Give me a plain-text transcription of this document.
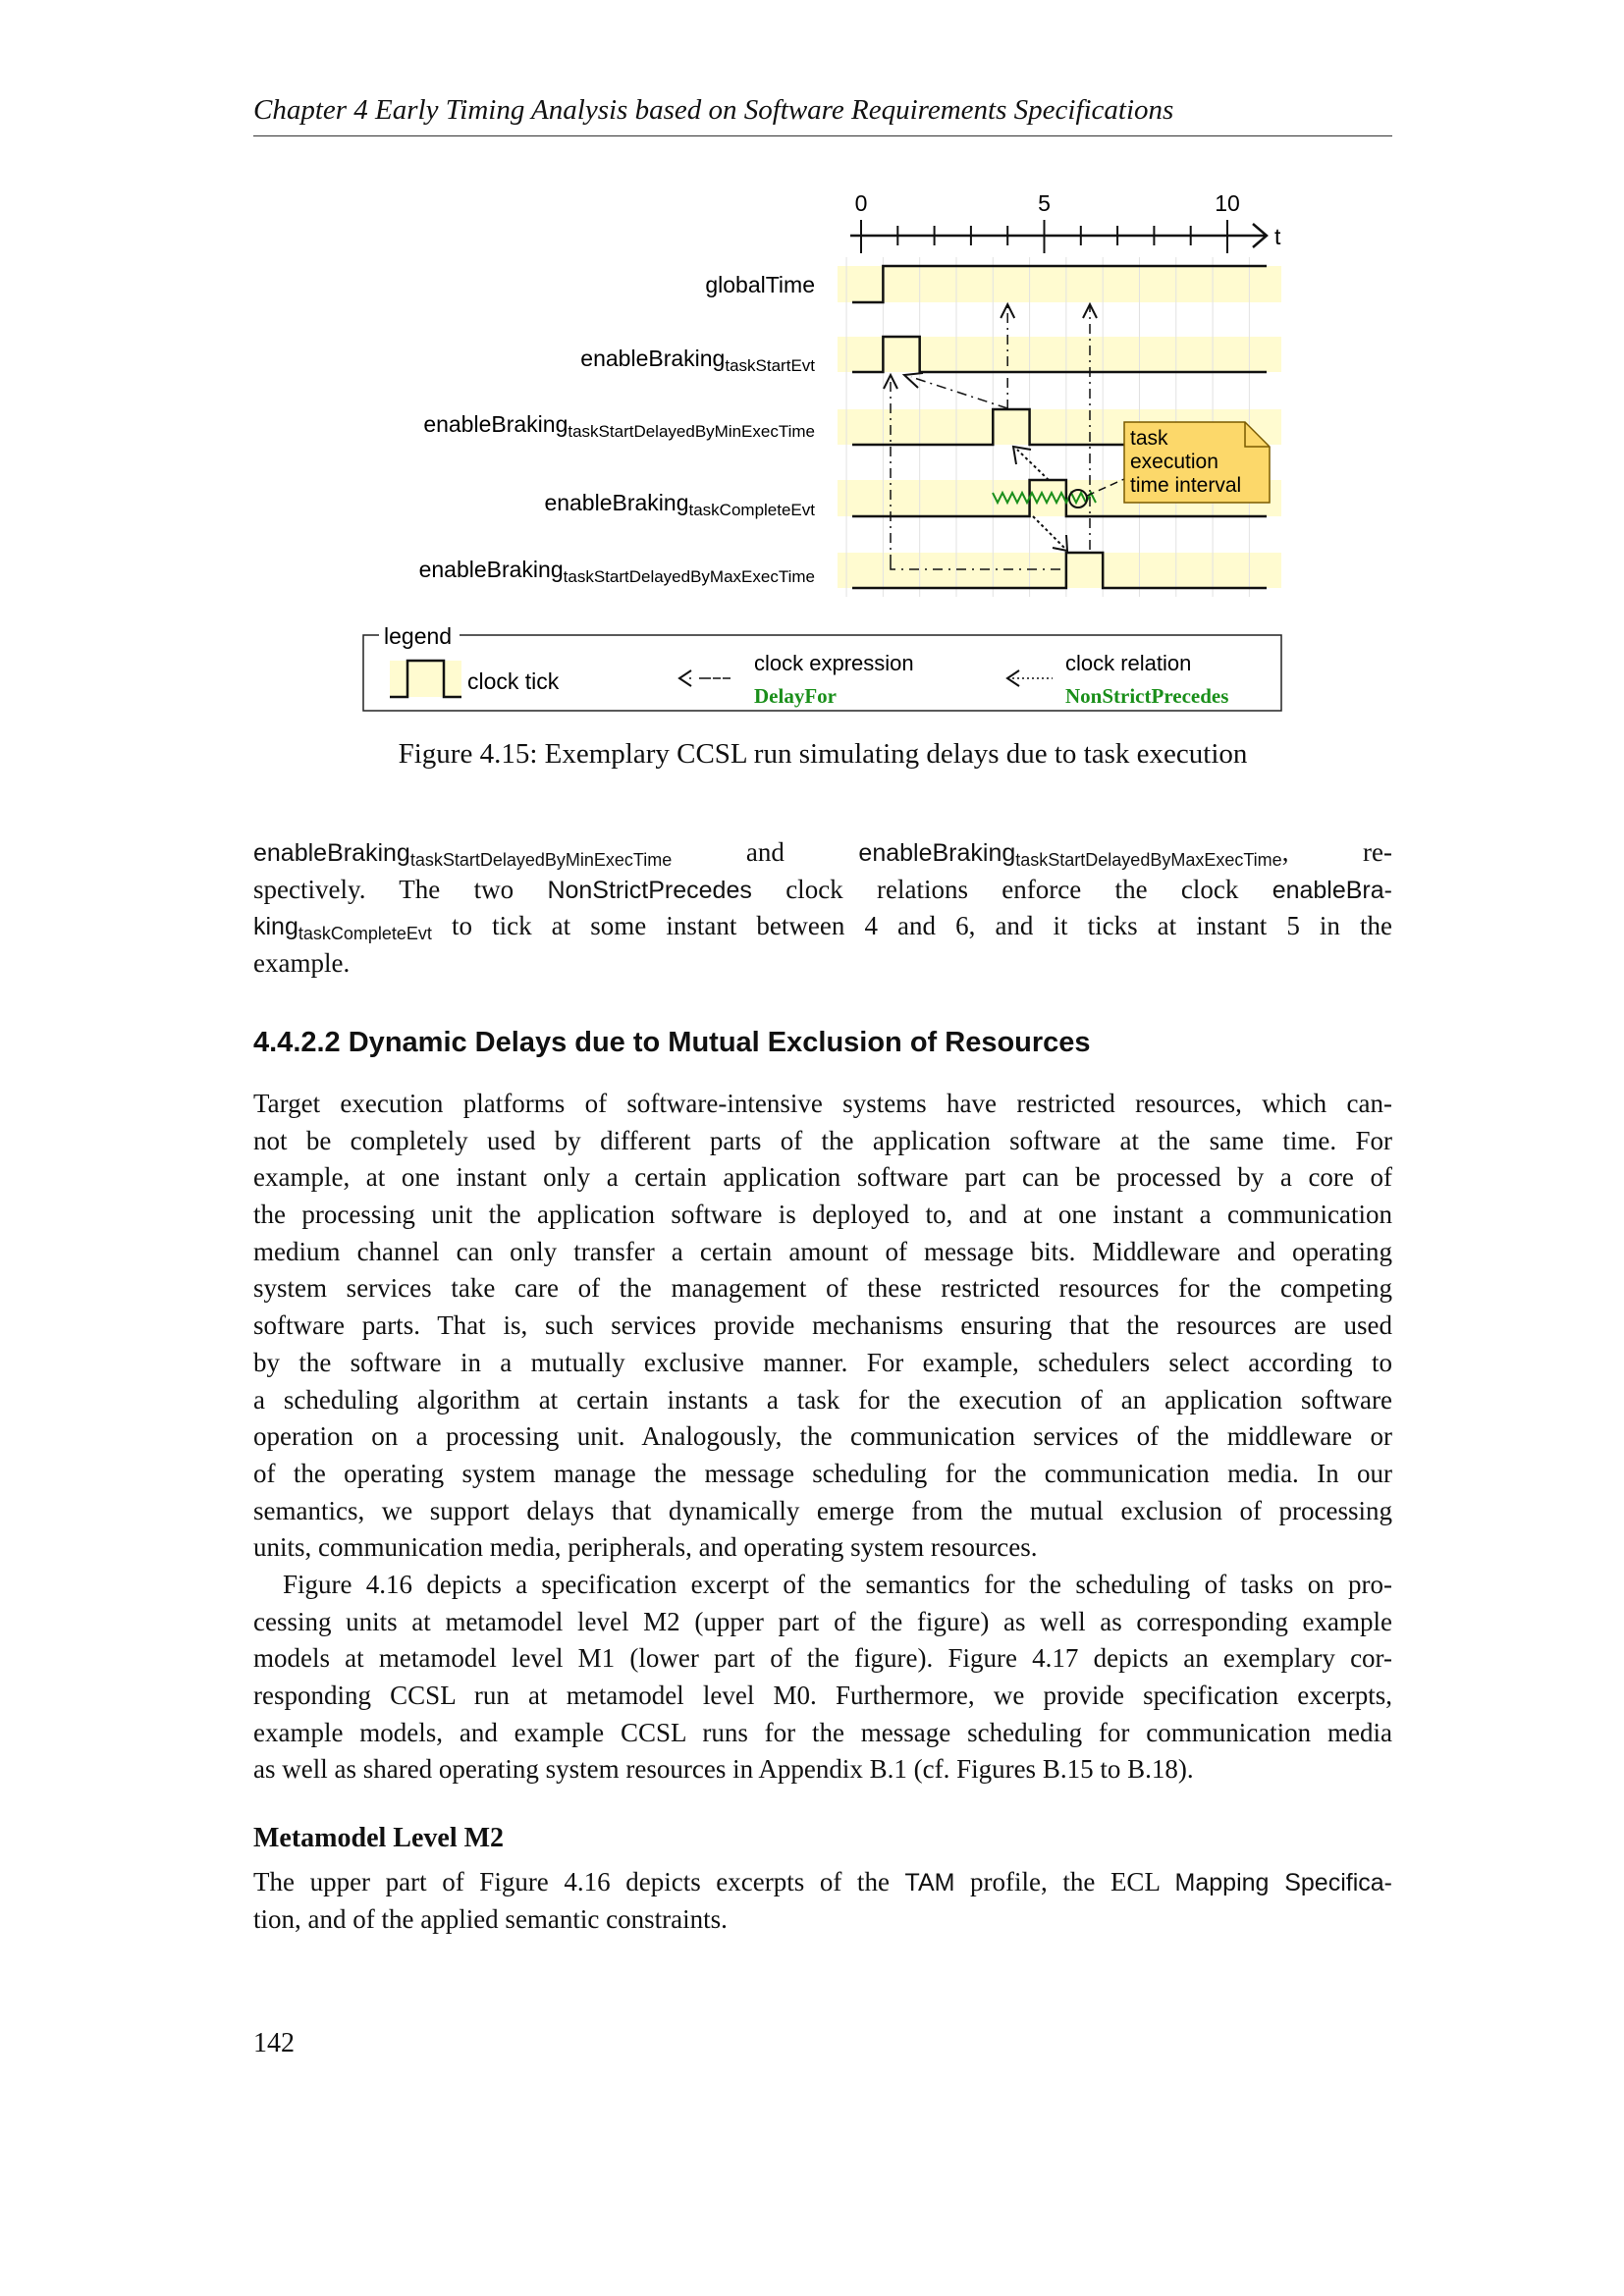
Chapter 4 Early Timing Analysis based on Software Requirements Specifications
t
0	5	10
globalTime
enableBraking$_{taskStartEvt}$
enableBraking$_{taskStartDelayedByMinExecTime}$
enableBraking$_{taskCompleteEvt}$
enableBraking$_{taskStartDelayedByMaxExecTime}$
task
execution
time interval
legend
clock tick
clock expression
DelayFor
clock relation
NonStrictPrecedes
Figure 4.15: Exemplary CCSL run simulating delays due to task execution
enableBraking$_{taskStartDelayedByMinExecTime}$ and enableBraking$_{taskStartDelayedByMaxExecTime}$, re-
spectively. The two NonStrictPrecedes clock relations enforce the clock enableBra-
king$_{taskCompleteEvt}$ to tick at some instant between 4 and 6, and it ticks at instant 5 in the
example.
4.4.2.2 Dynamic Delays due to Mutual Exclusion of Resources
Target execution platforms of software-intensive systems have restricted resources, which can-
not be completely used by different parts of the application software at the same time. For
example, at one instant only a certain application software part can be processed by a core of
the processing unit the application software is deployed to, and at one instant a communication
medium channel can only transfer a certain amount of message bits. Middleware and operating
system services take care of the management of these restricted resources for the competing
software parts. That is, such services provide mechanisms ensuring that the resources are used
by the software in a mutually exclusive manner. For example, schedulers select according to
a scheduling algorithm at certain instants a task for the execution of an application software
operation on a processing unit. Analogously, the communication services of the middleware or
of the operating system manage the message scheduling for the communication media. In our
semantics, we support delays that dynamically emerge from the mutual exclusion of processing
units, communication media, peripherals, and operating system resources.
Figure 4.16 depicts a specification excerpt of the semantics for the scheduling of tasks on pro-
cessing units at metamodel level M2 (upper part of the figure) as well as corresponding example
models at metamodel level M1 (lower part of the figure). Figure 4.17 depicts an exemplary cor-
responding CCSL run at metamodel level M0. Furthermore, we provide specification excerpts,
example models, and example CCSL runs for the message scheduling for communication media
as well as shared operating system resources in Appendix B.1 (cf. Figures B.15 to B.18).
Metamodel Level M2
The upper part of Figure 4.16 depicts excerpts of the TAM profile, the ECL Mapping Specifica-
tion, and of the applied semantic constraints.
142
